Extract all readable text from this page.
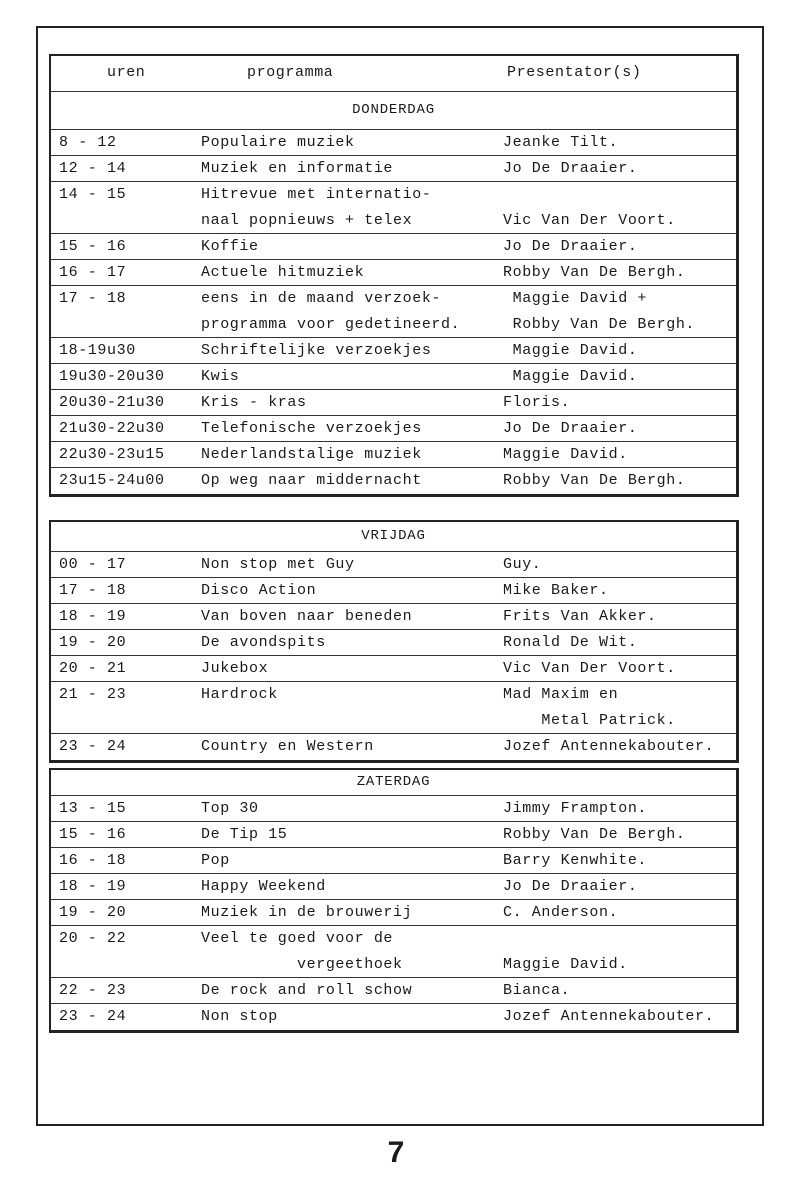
uren	programma	Presentator(s)
DONDERDAG
8 - 12	Populaire muziek	Jeanke Tilt.
12 - 14	Muziek en informatie	Jo De Draaier.
14 - 15	Hitrevue met internatio-
naal popnieuws + telex	Vic Van Der Voort.
15 - 16	Koffie	Jo De Draaier.
16 - 17	Actuele hitmuziek	Robby Van De Bergh.
17 - 18	eens in de maand verzoek-	Maggie David +
programma voor gedetineerd.	Robby Van De Bergh.
18-19u30	Schriftelijke verzoekjes	Maggie David.
19u30-20u30 Kwis	Maggie David.
20u30-21u30 Kris - kras	Floris.
21u30-22u30 Telefonische verzoekjes	Jo De Draaier.
22u30-23u15 Nederlandstalige muziek	Maggie David.
23u15-24u00 Op weg naar middernacht	Robby Van De Bergh.
VRIJDAG
00 - 17	Non stop met Guy	Guy.
17 - 18	Disco Action	Mike Baker.
18 - 19	Van boven naar beneden	Frits Van Akker.
19 - 20	De avondspits	Ronald De Wit.
20 - 21	Jukebox	Vic Van Der Voort.
21 - 23	Hardrock	Mad Maxim en
Metal Patrick.
23 - 24	Country en Western	Jozef Antennekabouter.
ZATERDAG
13 - 15	Top 30	Jimmy Frampton.
15 - 16	De Tip 15	Robby Van De Bergh.
16 - 18	Pop	Barry Kenwhite.
18 - 19	Happy Weekend	Jo De Draaier.
19 - 20	Muziek in de brouwerij	C. Anderson.
20 - 22	Veel te goed voor de
vergeethoek	Maggie David.
22 - 23	De rock and roll schow	Bianca.
23 - 24	Non stop	Jozef Antennekabouter.
7
